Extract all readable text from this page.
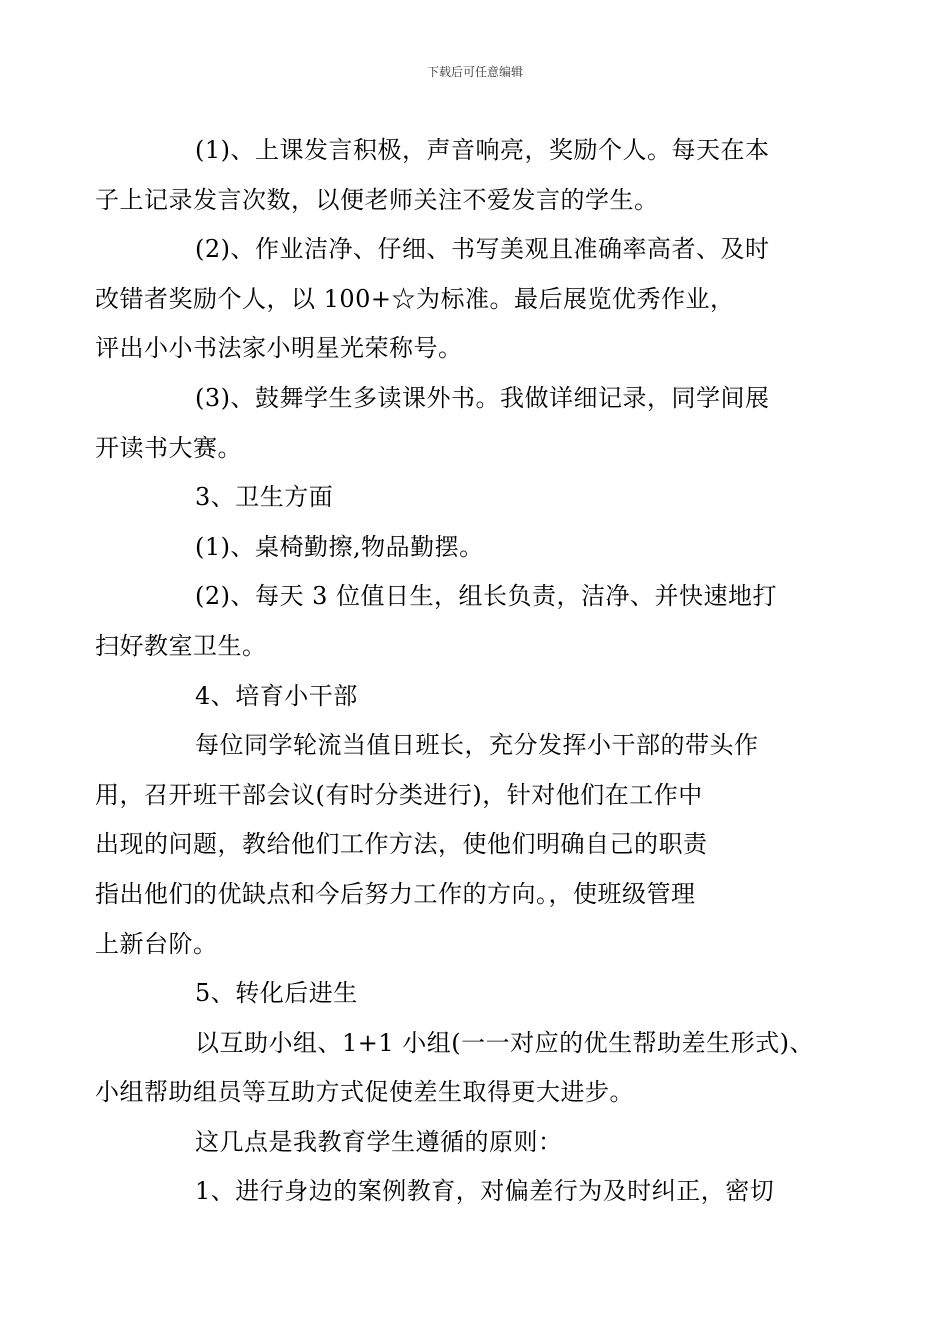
下载后可任意编辑

(1)、上课发言积极，声音响亮，奖励个人。每天在本
子上记录发言次数，以便老师关注不爱发言的学生。

(2)、作业洁净、仔细、书写美观且准确率高者、及时
改错者奖励个人，以 100+☆为标准。最后展览优秀作业，
评出小小书法家小明星光荣称号。

(3)、鼓舞学生多读课外书。我做详细记录，同学间展
开读书大赛。

3、卫生方面

(1)、桌椅勤擦,物品勤摆。

(2)、每天 3 位值日生，组长负责，洁净、并快速地打
扫好教室卫生。

4、培育小干部

每位同学轮流当值日班长，充分发挥小干部的带头作
用，召开班干部会议(有时分类进行)，针对他们在工作中
出现的问题，教给他们工作方法，使他们明确自己的职责
指出他们的优缺点和今后努力工作的方向。，使班级管理
上新台阶。

5、转化后进生

以互助小组、1+1 小组(一一对应的优生帮助差生形式)、
小组帮助组员等互助方式促使差生取得更大进步。

这几点是我教育学生遵循的原则：

1、进行身边的案例教育，对偏差行为及时纠正，密切
